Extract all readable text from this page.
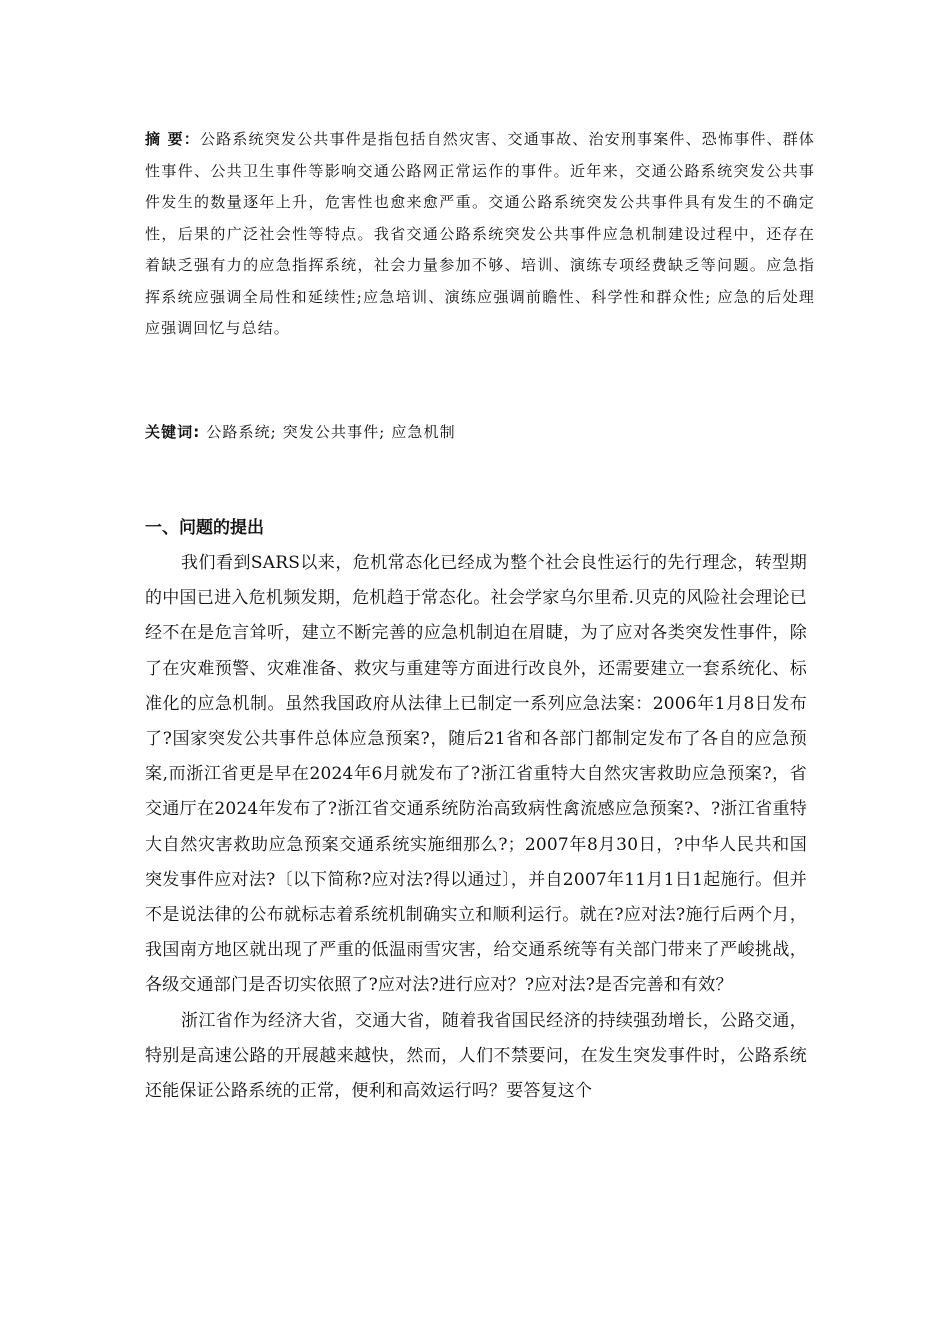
摘 要：公路系统突发公共事件是指包括自然灾害、交通事故、治安刑事案件、恐怖事件、群体性事件、公共卫生事件等影响交通公路网正常运作的事件。近年来，交通公路系统突发公共事件发生的数量逐年上升，危害性也愈来愈严重。交通公路系统突发公共事件具有发生的不确定性，后果的广泛社会性等特点。我省交通公路系统突发公共事件应急机制建设过程中，还存在着缺乏强有力的应急指挥系统，社会力量参加不够、培训、演练专项经费缺乏等问题。应急指挥系统应强调全局性和延续性;应急培训、演练应强调前瞻性、科学性和群众性; 应急的后处理应强调回忆与总结。

关键词: 公路系统; 突发公共事件; 应急机制

一、问题的提出

我们看到SARS以来，危机常态化已经成为整个社会良性运行的先行理念，转型期的中国已进入危机频发期，危机趋于常态化。社会学家乌尔里希.贝克的风险社会理论已经不在是危言耸听，建立不断完善的应急机制迫在眉睫，为了应对各类突发性事件，除了在灾难预警、灾难准备、救灾与重建等方面进行改良外，还需要建立一套系统化、标准化的应急机制。虽然我国政府从法律上已制定一系列应急法案：2006年1月8日发布了?国家突发公共事件总体应急预案?，随后21省和各部门都制定发布了各自的应急预案,而浙江省更是早在2024年6月就发布了?浙江省重特大自然灾害救助应急预案?，省交通厅在2024年发布了?浙江省交通系统防治高致病性禽流感应急预案?、?浙江省重特大自然灾害救助应急预案交通系统实施细那么?；2007年8月30日，?中华人民共和国突发事件应对法?〔以下简称?应对法?得以通过〕，并自2007年11月1日1起施行。但并不是说法律的公布就标志着系统机制确实立和顺利运行。就在?应对法?施行后两个月，我国南方地区就出现了严重的低温雨雪灾害，给交通系统等有关部门带来了严峻挑战，各级交通部门是否切实依照了?应对法?进行应对？?应对法?是否完善和有效？

浙江省作为经济大省，交通大省，随着我省国民经济的持续强劲增长，公路交通，特别是高速公路的开展越来越快，然而，人们不禁要问，在发生突发事件时，公路系统还能保证公路系统的正常，便利和高效运行吗？要答复这个
